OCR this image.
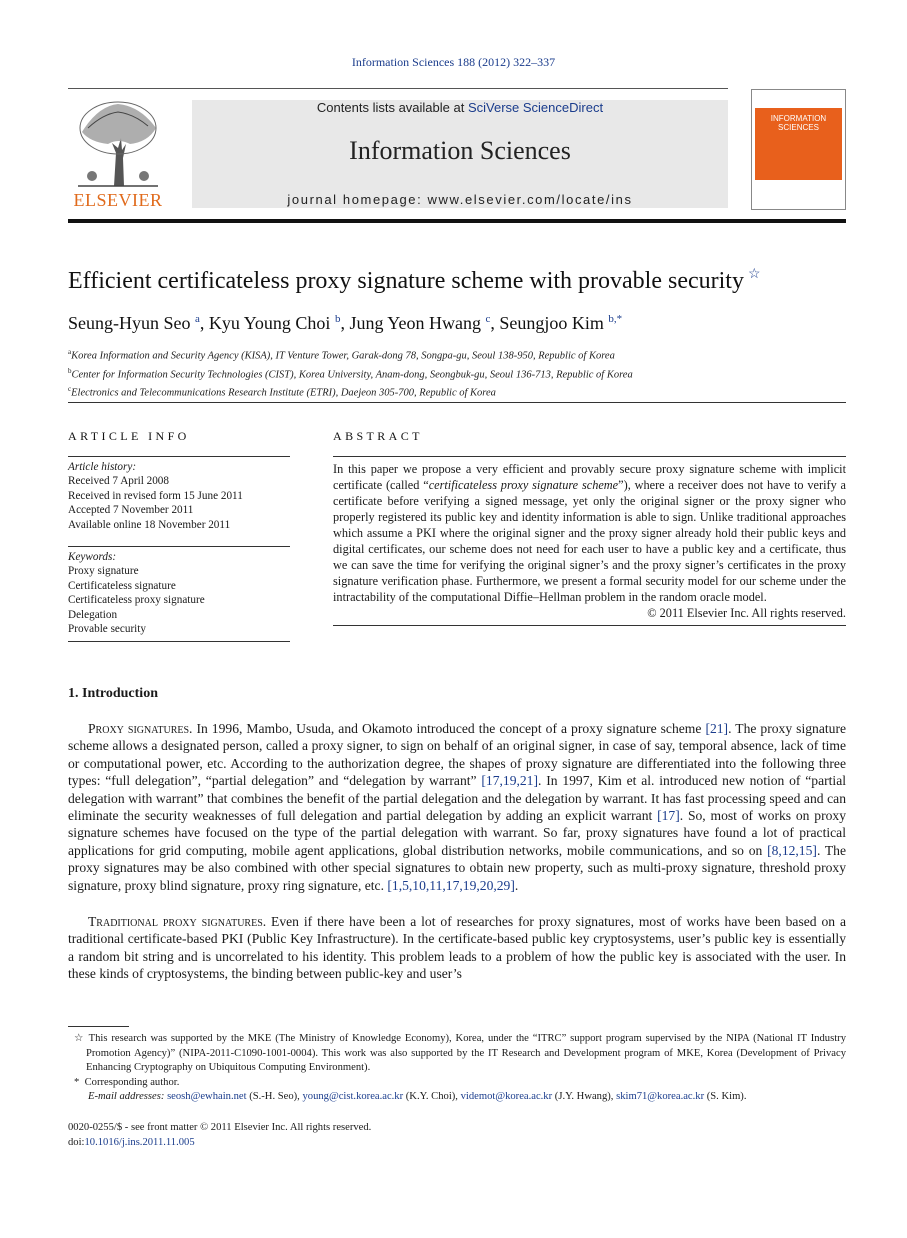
Information Sciences 188 (2012) 322–337
ELSEVIER
Contents lists available at SciVerse ScienceDirect
Information Sciences
journal homepage: www.elsevier.com/locate/ins
INFORMATION SCIENCES
Efficient certificateless proxy signature scheme with provable security ☆
Seung-Hyun Seo $^a$, Kyu Young Choi $^b$, Jung Yeon Hwang $^c$, Seungjoo Kim $^{b,*}$
$^a$Korea Information and Security Agency (KISA), IT Venture Tower, Garak-dong 78, Songpa-gu, Seoul 138-950, Republic of Korea
$^b$Center for Information Security Technologies (CIST), Korea University, Anam-dong, Seongbuk-gu, Seoul 136-713, Republic of Korea
$^c$Electronics and Telecommunications Research Institute (ETRI), Daejeon 305-700, Republic of Korea
ARTICLE INFO
Article history:
Received 7 April 2008
Received in revised form 15 June 2011
Accepted 7 November 2011
Available online 18 November 2011
Keywords:
Proxy signature
Certificateless signature
Certificateless proxy signature
Delegation
Provable security
ABSTRACT
In this paper we propose a very efficient and provably secure proxy signature scheme with implicit certificate (called “certificateless proxy signature scheme”), where a receiver does not have to verify a certificate before verifying a signed message, yet only the original signer or the proxy signer who properly registered its public key and identity information is able to sign. Unlike traditional approaches which assume a PKI where the original signer and the proxy signer already hold their public keys and digital certificates, our scheme does not need for each user to have a public key and a certificate, thus we can save the time for verifying the original signer’s and the proxy signer’s certificates in the proxy signature verification phase. Furthermore, we present a formal security model for our scheme under the intractability of the computational Diffie–Hellman problem in the random oracle model.
© 2011 Elsevier Inc. All rights reserved.
1. Introduction
Proxy signatures. In 1996, Mambo, Usuda, and Okamoto introduced the concept of a proxy signature scheme [21]. The proxy signature scheme allows a designated person, called a proxy signer, to sign on behalf of an original signer, in case of say, temporal absence, lack of time or computational power, etc. According to the authorization degree, the shapes of proxy signature are differentiated into the following three types: “full delegation”, “partial delegation” and “delegation by warrant” [17,19,21]. In 1997, Kim et al. introduced new notion of “partial delegation with warrant” that combines the benefit of the partial delegation and the delegation by warrant. It has fast processing speed and can eliminate the security weaknesses of full delegation and partial delegation by adding an explicit warrant [17]. So, most of works on proxy signature schemes have focused on the type of the partial delegation with warrant. So far, proxy signatures have found a lot of practical applications for grid computing, mobile agent applications, global distribution networks, mobile communications, and so on [8,12,15]. The proxy signatures may be also combined with other special signatures to obtain new property, such as multi-proxy signature, threshold proxy signature, proxy blind signature, proxy ring signature, etc. [1,5,10,11,17,19,20,29].
Traditional proxy signatures. Even if there have been a lot of researches for proxy signatures, most of works have been based on a traditional certificate-based PKI (Public Key Infrastructure). In the certificate-based public key cryptosystems, user’s public key is essentially a random bit string and is uncorrelated to his identity. This problem leads to a problem of how the public key is associated with the user. In these kinds of cryptosystems, the binding between public-key and user’s
☆ This research was supported by the MKE (The Ministry of Knowledge Economy), Korea, under the “ITRC” support program supervised by the NIPA (National IT Industry Promotion Agency)” (NIPA-2011-C1090-1001-0004). This work was also supported by the IT Research and Development program of MKE, Korea (Development of Privacy Enhancing Cryptography on Ubiquitous Computing Environment).
* Corresponding author.
E-mail addresses: seosh@ewhain.net (S.-H. Seo), young@cist.korea.ac.kr (K.Y. Choi), videmot@korea.ac.kr (J.Y. Hwang), skim71@korea.ac.kr (S. Kim).
0020-0255/$ - see front matter © 2011 Elsevier Inc. All rights reserved.
doi:10.1016/j.ins.2011.11.005
